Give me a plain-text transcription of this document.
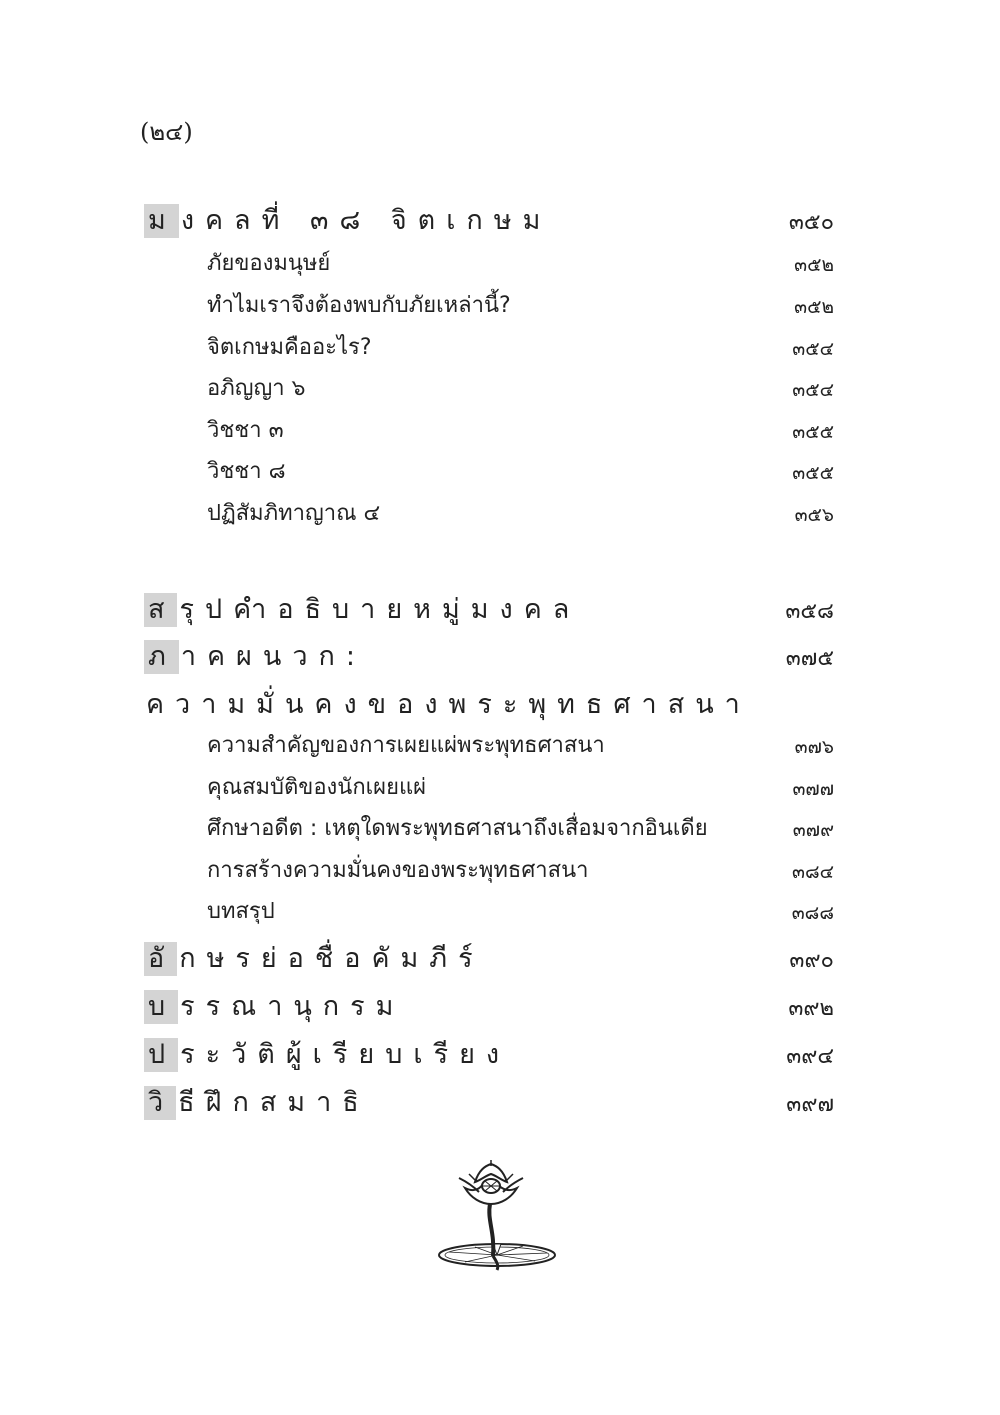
(๒๔)
ม งคลที่ ๓๘ จิตเกษม	๓๕๐
ภัยของมนุษย์	๓๕๒
ทำไมเราจึงต้องพบกับภัยเหล่านี้?	๓๕๒
จิตเกษมคืออะไร?	๓๕๔
อภิญญา ๖	๓๕๔
วิชชา ๓	๓๕๕
วิชชา ๘	๓๕๕
ปฏิสัมภิทาญาณ ๔	๓๕๖
ส รุปคำอธิบายหมู่มงคล	๓๕๘
ภ าคผนวก:	๓๗๕
ความมั่นคงของพระพุทธศาสนา
ความสำคัญของการเผยแผ่พระพุทธศาสนา	๓๗๖
คุณสมบัติของนักเผยแผ่	๓๗๗
ศึกษาอดีต : เหตุใดพระพุทธศาสนาถึงเสื่อมจากอินเดีย	๓๗๙
การสร้างความมั่นคงของพระพุทธศาสนา	๓๘๔
บทสรุป	๓๘๘
อั กษรย่อชื่อคัมภีร์	๓๙๐
บ รรณานุกรม	๓๙๒
ป ระวัติผู้เรียบเรียง	๓๙๔
วิ ธีฝึกสมาธิ	๓๙๗
